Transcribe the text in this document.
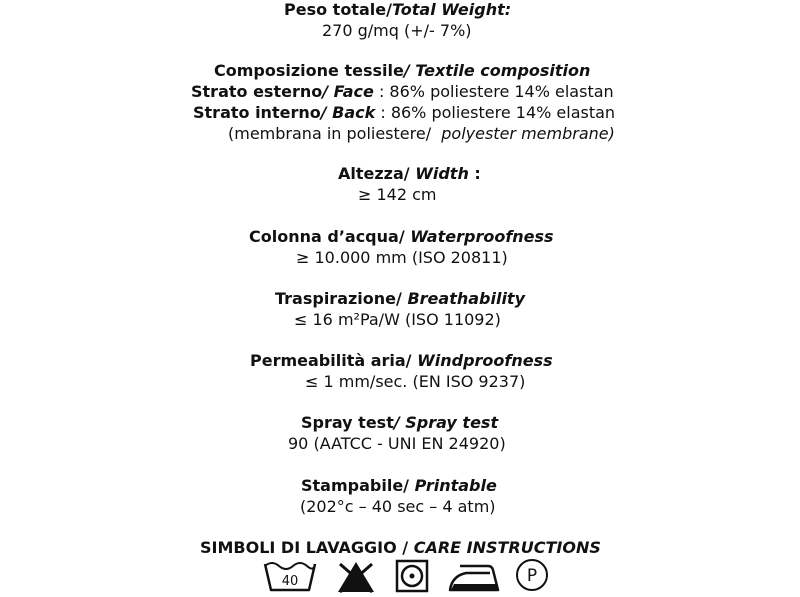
Peso totale/Total Weight:
270 g/mq (+/- 7%)
Composizione tessile/ Textile composition
Strato esterno/ Face : 86% poliestere 14% elastan
Strato interno/ Back : 86% poliestere 14% elastan
(membrana in poliestere/ polyester membrane)
Altezza/ Width :
≥ 142 cm
Colonna d’acqua/ Waterproofness
≥ 10.000 mm (ISO 20811)
Traspirazione/ Breathability
≤ 16 m²Pa/W (ISO 11092)
Permeabilità aria/ Windproofness
≤ 1 mm/sec. (EN ISO 9237)
Spray test/ Spray test
90 (AATCC - UNI EN 24920)
Stampabile/ Printable
(202°c – 40 sec – 4 atm)
SIMBOLI DI LAVAGGIO / CARE INSTRUCTIONS
40	P
